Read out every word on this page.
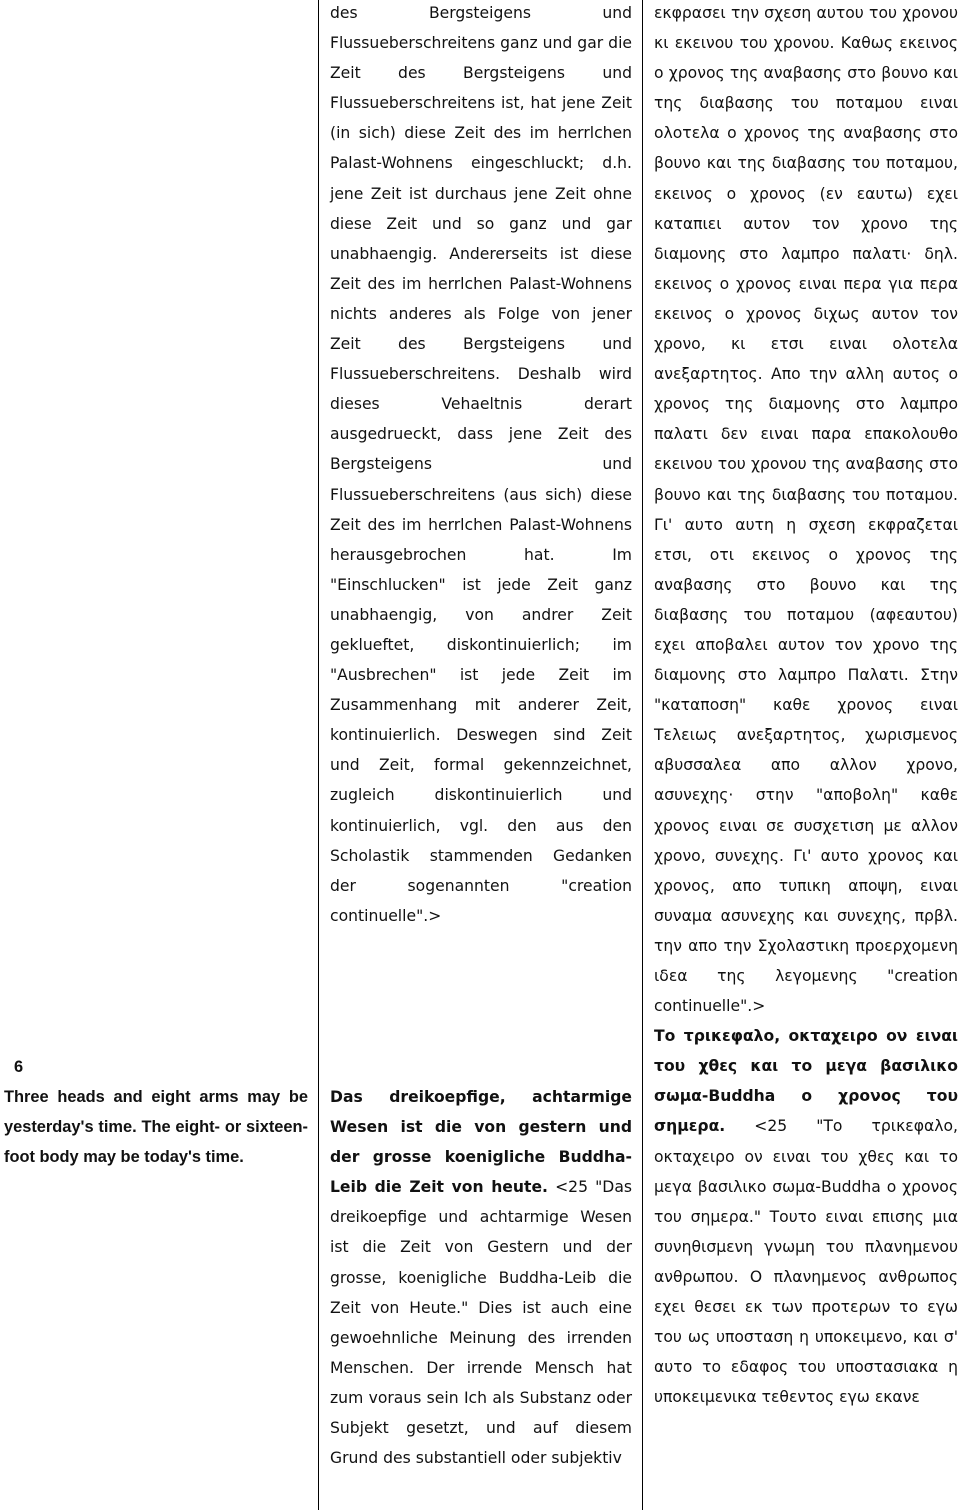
6

Three heads and eight arms may be yesterday's time. The eight- or sixteen-foot body may be today's time.

des Bergsteigens und Flussueberschreitens ganz und gar die Zeit des Bergsteigens und Flussueberschreitens ist, hat jene Zeit (in sich) diese Zeit des im herrlchen Palast-Wohnens eingeschluckt; d.h. jene Zeit ist durchaus jene Zeit ohne diese Zeit und so ganz und gar unabhaengig. Andererseits ist diese Zeit des im herrlchen Palast-Wohnens nichts anderes als Folge von jener Zeit des Bergsteigens und Flussueberschreitens. Deshalb wird dieses Vehaeltnis derart ausgedrueckt, dass jene Zeit des Bergsteigens und Flussueberschreitens (aus sich) diese Zeit des im herrlchen Palast-Wohnens herausgebrochen hat. Im "Einschlucken" ist jede Zeit ganz unabhaengig, von andrer Zeit geklueftet, diskontinuierlich; im "Ausbrechen" ist jede Zeit im Zusammenhang mit anderer Zeit, kontinuierlich. Deswegen sind Zeit und Zeit, formal gekennzeichnet, zugleich diskontinuierlich und kontinuierlich, vgl. den aus den Scholastik stammenden Gedanken der sogenannten "creation continuelle".>

Das dreikoepfige, achtarmige Wesen ist die von gestern und der grosse koenigliche Buddha-Leib die Zeit von heute. <25 "Das dreikoepfige und achtarmige Wesen ist die Zeit von Gestern und der grosse, koenigliche Buddha-Leib die Zeit von Heute." Dies ist auch eine gewoehnliche Meinung des irrenden Menschen. Der irrende Mensch hat zum voraus sein Ich als Substanz oder Subjekt gesetzt, und auf diesem Grund des substantiell oder subjektiv

εκφρασει την σχεση αυτου του χρονου κι εκεινου του χρονου. Καθως εκεινος ο χρονος της αναβασης στο βουνο και της διαβασης του ποταμου ειναι ολοτελα ο χρονος της αναβασης στο βουνο και της διαβασης του ποταμου, εκεινος ο χρονος (εν εαυτω) εχει καταπιει αυτον τον χρονο της διαμονης στο λαμπρο παλατι· δηλ. εκεινος ο χρονος ειναι περα για περα εκεινος ο χρονος διχως αυτον τον χρονο, κι ετσι ειναι ολοτελα ανεξαρτητος. Απο την αλλη αυτος ο χρονος της διαμονης στο λαμπρο παλατι δεν ειναι παρα επακολουθο εκεινου του χρονου της αναβασης στο βουνο και της διαβασης του ποταμου. Γι' αυτο αυτη η σχεση εκφραζεται ετσι, οτι εκεινος ο χρονος της αναβασης στο βουνο και της διαβασης του ποταμου (αφεαυτου) εχει αποβαλει αυτον τον χρονο της διαμονης στο λαμπρο Παλατι. Στην "καταποση" καθε χρονος ειναι Τελειως ανεξαρτητος, χωρισμενος αβυσσαλεα απο αλλον χρονο, ασυνεχης· στην "αποβολη" καθε χρονος ειναι σε συσχετιση με αλλον χρονο, συνεχης. Γι' αυτο χρονος και χρονος, απο τυπικη αποψη, ειναι συναμα ασυνεχης και συνεχης, πρβλ. την απο την Σχολαστικη προερχομενη ιδεα της λεγομενης "creation continuelle".>

Το τρικεφαλο, οκταχειρο ον ειναι του χθες και το μεγα βασιλικο σωμα-Buddha ο χρονος του σημερα. <25 "Το τρικεφαλο, οκταχειρο ον ειναι του χθες και το μεγα βασιλικο σωμα-Buddha ο χρονος του σημερα." Τουτο ειναι επισης μια συνηθισμενη γνωμη του πλανημενου ανθρωπου. Ο πλανημενος ανθρωπος εχει θεσει εκ των προτερων το εγω του ως υποσταση η υποκειμενο, και σ' αυτο το εδαφος του υποστασιακα η υποκειμενικα τεθεντος εγω εκανε
